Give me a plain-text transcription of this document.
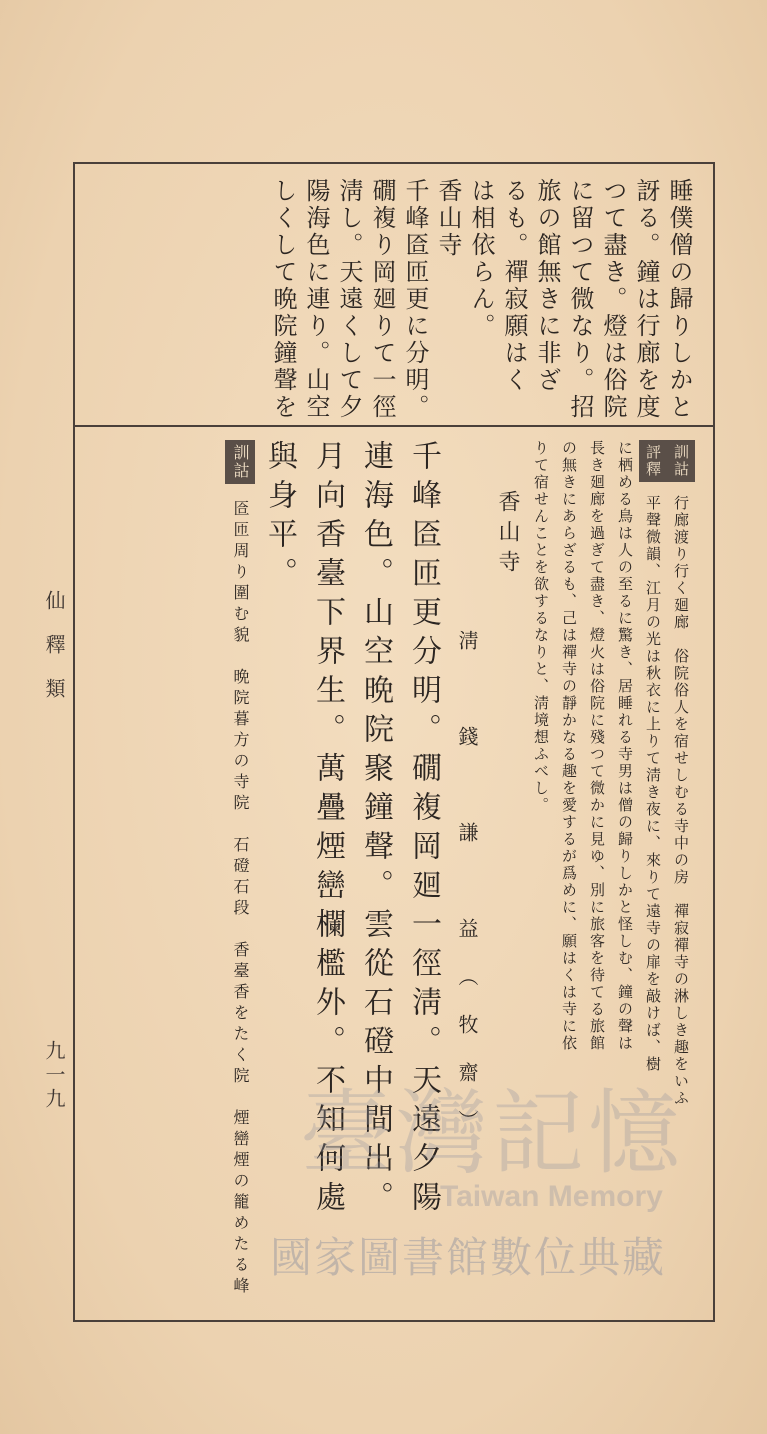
仙釋類
九一九
睡僕僧の歸りしかと
訝る。鐘は行廊を度
つて盡き。燈は俗院
に留つて微なり。招
旅の館無きに非ざ
るも。禪寂願はく
は相依らん。
香山寺
千峰匼匝更に分明。
礀複り岡廻りて一徑
淸し。天遠くして夕
陽海色に連り。山空
しくして晩院鐘聲を
訓詁 行廊渡り行く廻廊　俗院俗人を宿せしむる寺中の房　禪寂禪寺の淋しき趣をいふ
評釋 平聲微韻、江月の光は秋衣に上りて淸き夜に、來りて遠寺の扉を敲けば、樹
に栖める鳥は人の至るに驚き、居睡れる寺男は僧の歸りしかと怪しむ、鐘の聲は
長き廻廊を過ぎて盡き、燈火は俗院に殘つて微かに見ゆ、別に旅客を待てる旅館
の無きにあらざるも、己は禪寺の靜かなる趣を愛するが爲めに、願はくは寺に依
りて宿せんことを欲するなりと、淸境想ふべし。
香山寺
淸　錢　謙　益（牧齋）
千峰匼匝更分明。礀複岡廻一徑淸。天遠夕陽
連海色。山空晩院聚鐘聲。雲從石磴中間出。
月向香臺下界生。萬疊煙巒欄檻外。不知何處
與身平。
訓詁 匼匝周り圍む貌　晩院暮方の寺院　石磴石段　香臺香をたく院　煙巒煙の籠めたる峰 臺灣記憶
Taiwan Memory
國家圖書館數位典藏
